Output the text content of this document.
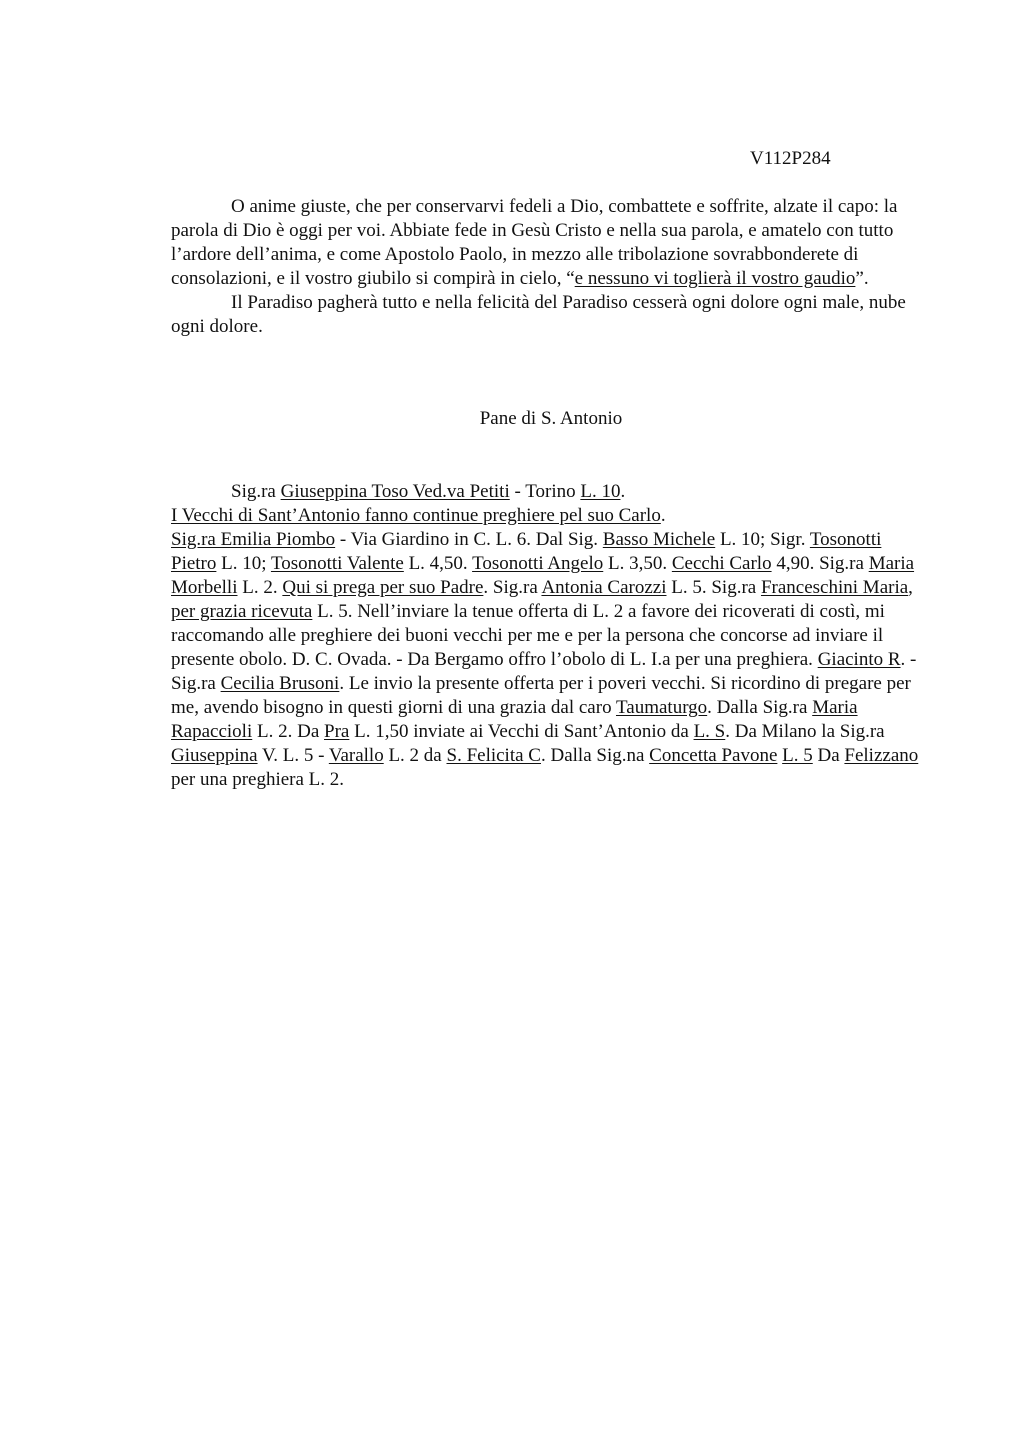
V112P284

O anime giuste, che per conservarvi fedeli a Dio, combattete e soffrite, alzate il capo: la parola di Dio è oggi per voi. Abbiate fede in Gesù Cristo e nella sua parola, e amatelo con tutto l’ardore dell’anima, e come Apostolo Paolo, in mezzo alle tribolazione sovrabbonderete di consolazioni, e il vostro giubilo si compirà in cielo, “e nessuno vi toglierà il vostro gaudio”.

Il Paradiso pagherà tutto e nella felicità del Paradiso cesserà ogni dolore ogni male, nube ogni dolore.

Pane di S. Antonio

Sig.ra Giuseppina Toso Ved.va Petiti - Torino L. 10.

I Vecchi di Sant’Antonio fanno continue preghiere pel suo Carlo.

Sig.ra Emilia Piombo - Via Giardino in C. L. 6. Dal Sig. Basso Michele L. 10; Sigr. Tosonotti Pietro L. 10; Tosonotti Valente L. 4,50. Tosonotti Angelo L. 3,50. Cecchi Carlo 4,90. Sig.ra Maria Morbelli L. 2. Qui si prega per suo Padre. Sig.ra Antonia Carozzi L. 5. Sig.ra Franceschini Maria, per grazia ricevuta L. 5. Nell’inviare la tenue offerta di L. 2 a favore dei ricoverati di costì, mi raccomando alle preghiere dei buoni vecchi per me e per la persona che concorse ad inviare il presente obolo. D. C. Ovada. - Da Bergamo offro l’obolo di L. I.a per una preghiera. Giacinto R. - Sig.ra Cecilia Brusoni. Le invio la presente offerta per i poveri vecchi. Si ricordino di pregare per me, avendo bisogno in questi giorni di una grazia dal caro Taumaturgo. Dalla Sig.ra Maria Rapaccioli L. 2. Da Pra L. 1,50 inviate ai Vecchi di Sant’Antonio da L. S. Da Milano la Sig.ra Giuseppina V. L. 5 - Varallo L. 2 da S. Felicita C. Dalla Sig.na Concetta Pavone L. 5 Da Felizzano per una preghiera L. 2.
